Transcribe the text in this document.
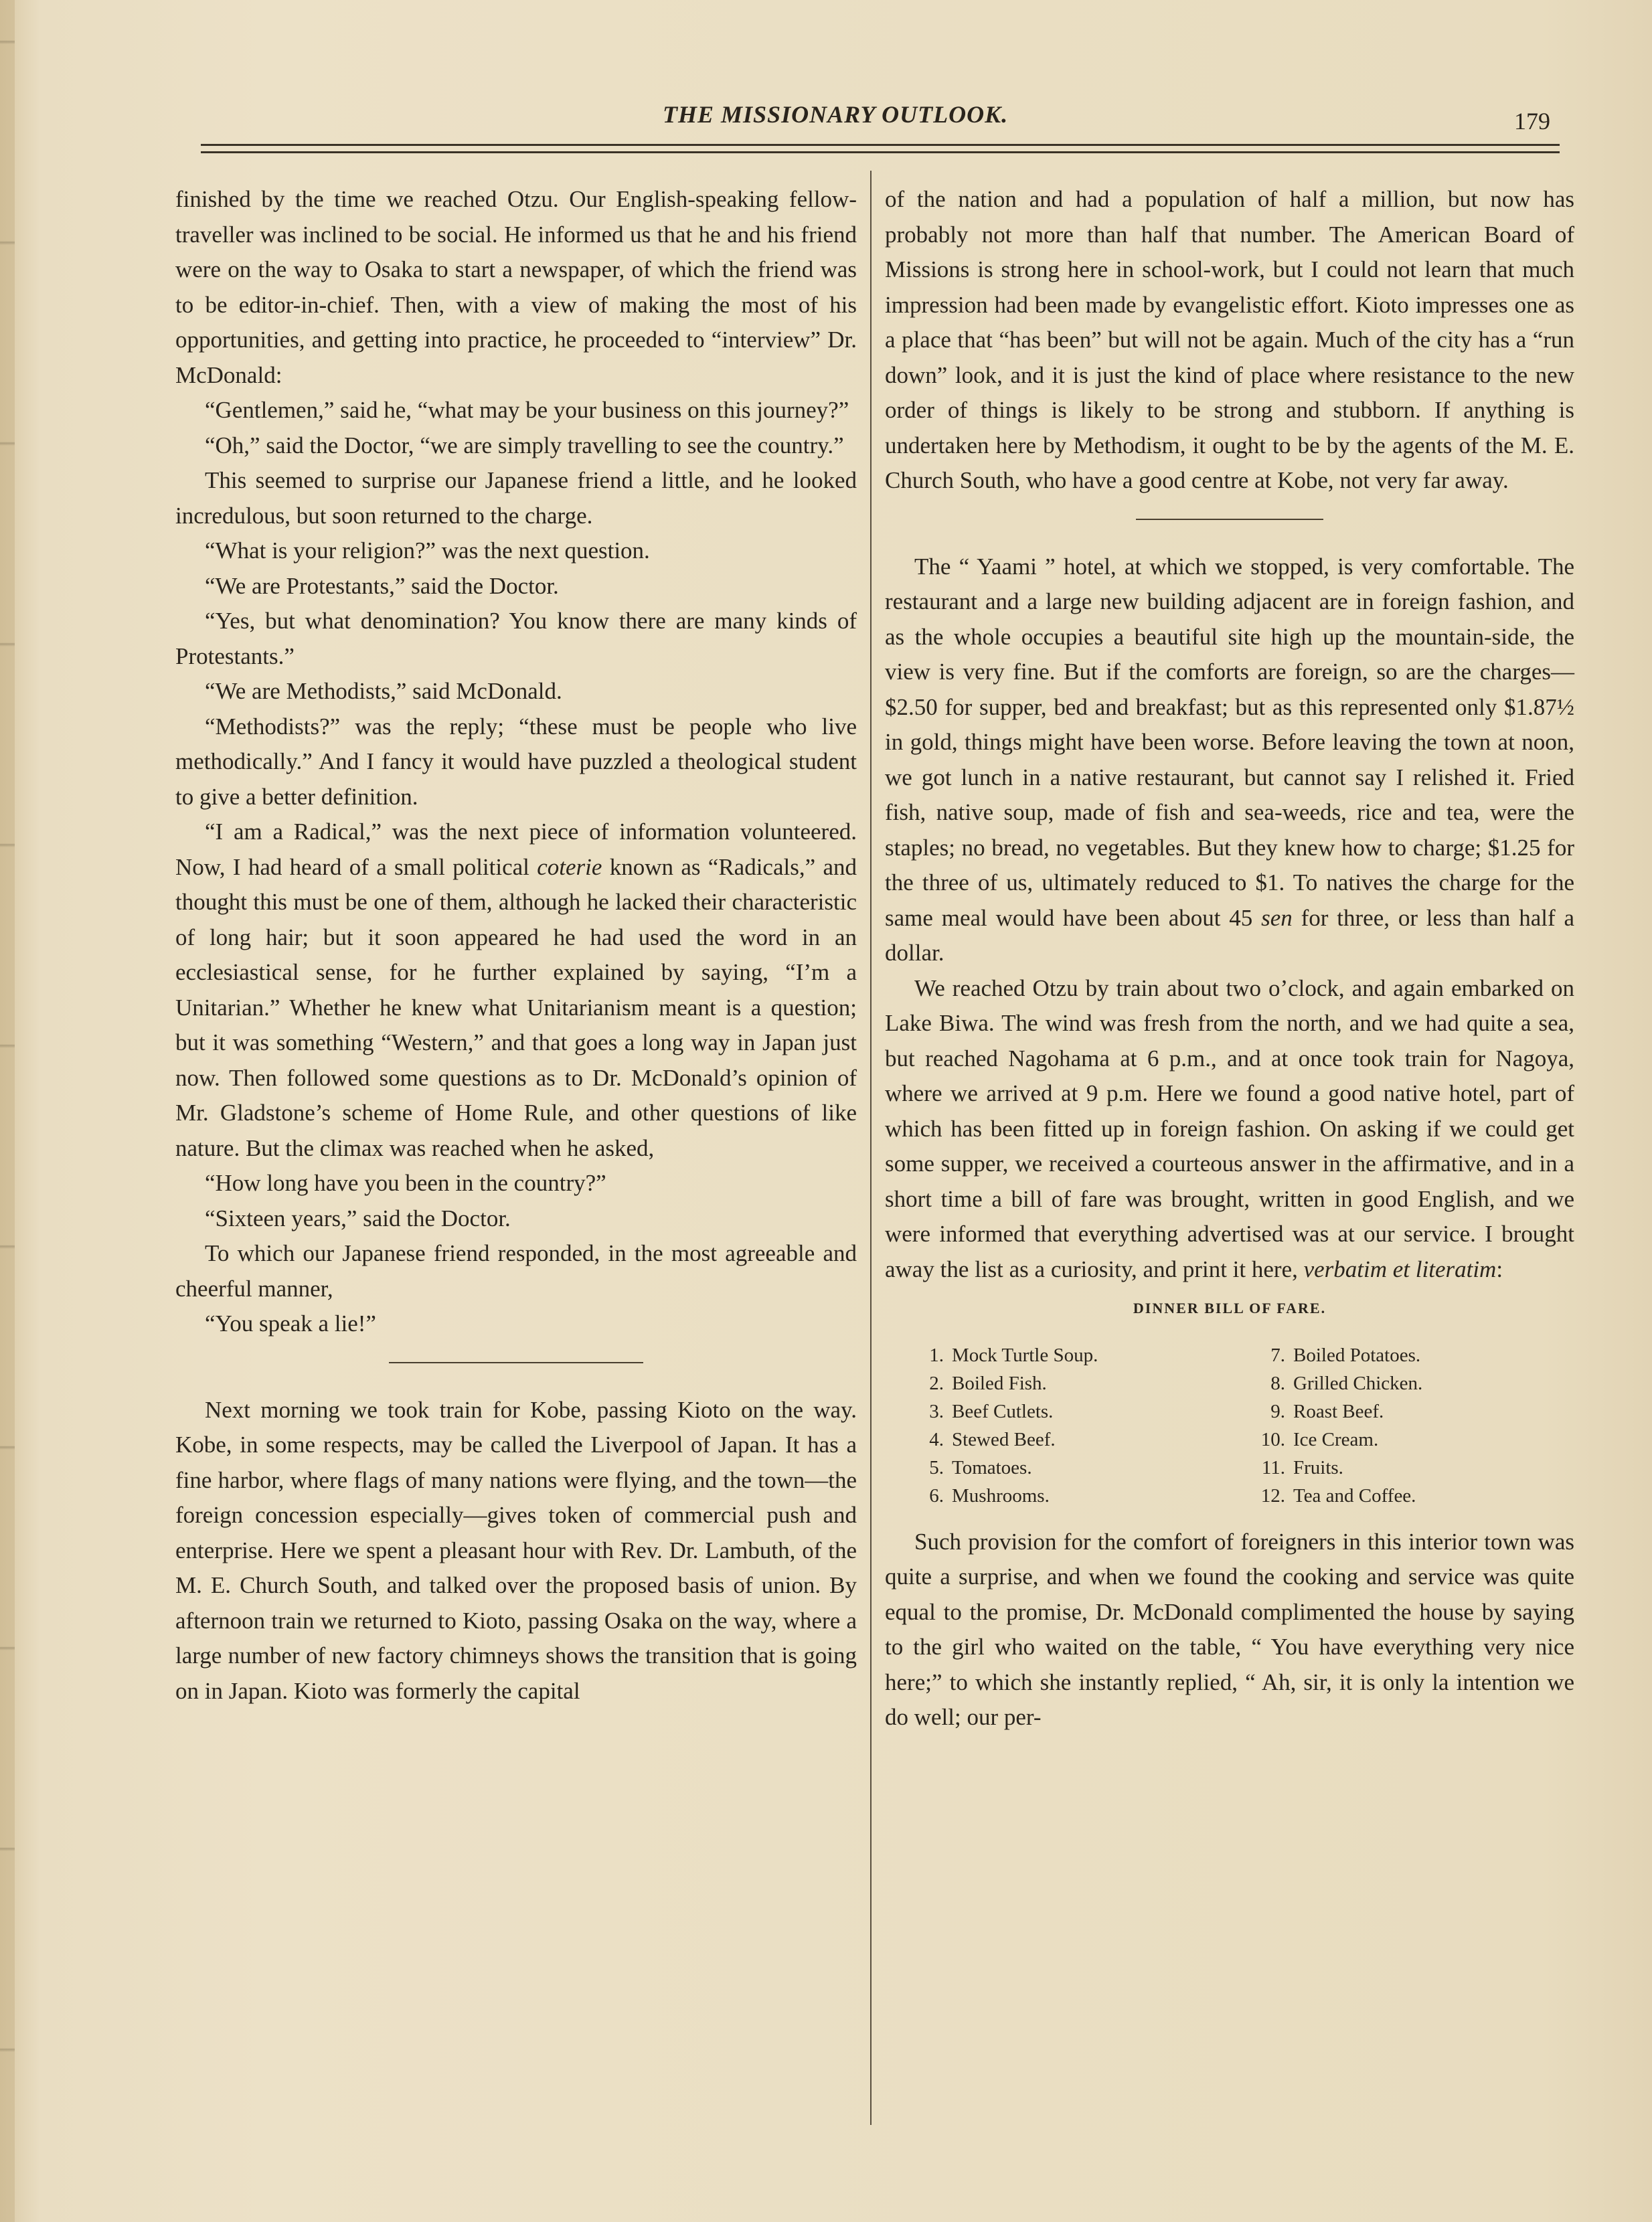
THE MISSIONARY OUTLOOK.	179

finished by the time we reached Otzu. Our English-speaking fellow-traveller was inclined to be social. He informed us that he and his friend were on the way to Osaka to start a newspaper, of which the friend was to be editor-in-chief. Then, with a view of making the most of his opportunities, and getting into practice, he proceeded to “interview” Dr. McDonald:

“Gentlemen,” said he, “what may be your business on this journey?”

“Oh,” said the Doctor, “we are simply travelling to see the country.”

This seemed to surprise our Japanese friend a little, and he looked incredulous, but soon returned to the charge.

“What is your religion?” was the next question.

“We are Protestants,” said the Doctor.

“Yes, but what denomination? You know there are many kinds of Protestants.”

“We are Methodists,” said McDonald.

“Methodists?” was the reply; “these must be people who live methodically.” And I fancy it would have puzzled a theological student to give a better definition.

“I am a Radical,” was the next piece of information volunteered. Now, I had heard of a small political coterie known as “Radicals,” and thought this must be one of them, although he lacked their characteristic of long hair; but it soon appeared he had used the word in an ecclesiastical sense, for he further explained by saying, “I’m a Unitarian.” Whether he knew what Unitarianism meant is a question; but it was something “Western,” and that goes a long way in Japan just now. Then followed some questions as to Dr. McDonald’s opinion of Mr. Gladstone’s scheme of Home Rule, and other questions of like nature. But the climax was reached when he asked,

“How long have you been in the country?”

“Sixteen years,” said the Doctor.

To which our Japanese friend responded, in the most agreeable and cheerful manner,

“You speak a lie!”

Next morning we took train for Kobe, passing Kioto on the way. Kobe, in some respects, may be called the Liverpool of Japan. It has a fine harbor, where flags of many nations were flying, and the town—the foreign concession especially—gives token of commercial push and enterprise. Here we spent a pleasant hour with Rev. Dr. Lambuth, of the M. E. Church South, and talked over the proposed basis of union. By afternoon train we returned to Kioto, passing Osaka on the way, where a large number of new factory chimneys shows the transition that is going on in Japan. Kioto was formerly the capital

of the nation and had a population of half a million, but now has probably not more than half that number. The American Board of Missions is strong here in school-work, but I could not learn that much impression had been made by evangelistic effort. Kioto impresses one as a place that “has been” but will not be again. Much of the city has a “run down” look, and it is just the kind of place where resistance to the new order of things is likely to be strong and stubborn. If anything is undertaken here by Methodism, it ought to be by the agents of the M. E. Church South, who have a good centre at Kobe, not very far away.

The “ Yaami ” hotel, at which we stopped, is very comfortable. The restaurant and a large new building adjacent are in foreign fashion, and as the whole occupies a beautiful site high up the mountain-side, the view is very fine. But if the comforts are foreign, so are the charges—$2.50 for supper, bed and breakfast; but as this represented only $1.87½ in gold, things might have been worse. Before leaving the town at noon, we got lunch in a native restaurant, but cannot say I relished it. Fried fish, native soup, made of fish and sea-weeds, rice and tea, were the staples; no bread, no vegetables. But they knew how to charge; $1.25 for the three of us, ultimately reduced to $1. To natives the charge for the same meal would have been about 45 sen for three, or less than half a dollar.

We reached Otzu by train about two o’clock, and again embarked on Lake Biwa. The wind was fresh from the north, and we had quite a sea, but reached Nagohama at 6 p.m., and at once took train for Nagoya, where we arrived at 9 p.m. Here we found a good native hotel, part of which has been fitted up in foreign fashion. On asking if we could get some supper, we received a courteous answer in the affirmative, and in a short time a bill of fare was brought, written in good English, and we were informed that everything advertised was at our service. I brought away the list as a curiosity, and print it here, verbatim et literatim:

DINNER BILL OF FARE.
1. Mock Turtle Soup.
2. Boiled Fish.
3. Beef Cutlets.
4. Stewed Beef.
5. Tomatoes.
6. Mushrooms.
7. Boiled Potatoes.
8. Grilled Chicken.
9. Roast Beef.
10. Ice Cream.
11. Fruits.
12. Tea and Coffee.

Such provision for the comfort of foreigners in this interior town was quite a surprise, and when we found the cooking and service was quite equal to the promise, Dr. McDonald complimented the house by saying to the girl who waited on the table, “ You have everything very nice here;” to which she instantly replied, “ Ah, sir, it is only la intention we do well; our per-
